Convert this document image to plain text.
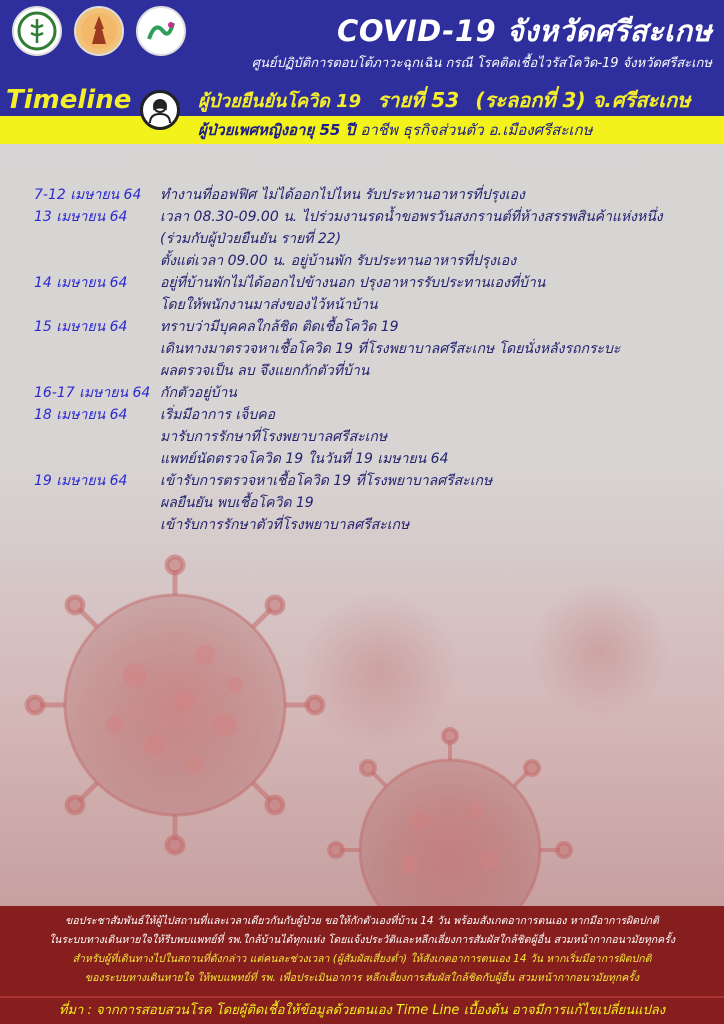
COVID-19 จังหวัดศรีสะเกษ
ศูนย์ปฏิบัติการตอบโต้ภาวะฉุกเฉิน กรณี โรคติดเชื้อไวรัสโควิด-19 จังหวัดศรีสะเกษ
Timeline	ผู้ป่วยยืนยันโควิด 19 รายที่ 53 (ระลอกที่ 3) จ.ศรีสะเกษ
ผู้ป่วยเพศหญิงอายุ 55 ปี อาชีพ ธุรกิจส่วนตัว อ.เมืองศรีสะเกษ
7-12 เมษายน 64 ทำงานที่ออฟฟิศ ไม่ได้ออกไปไหน รับประทานอาหารที่ปรุงเอง
13 เมษายน 64 เวลา 08.30-09.00 น. ไปร่วมงานรดน้ำขอพรวันสงกรานต์ที่ห้างสรรพสินค้าแห่งหนึ่ง
(ร่วมกับผู้ป่วยยืนยัน รายที่ 22)
ตั้งแต่เวลา 09.00 น. อยู่บ้านพัก รับประทานอาหารที่ปรุงเอง
14 เมษายน 64 อยู่ที่บ้านพักไม่ได้ออกไปข้างนอก ปรุงอาหารรับประทานเองที่บ้าน
โดยให้พนักงานมาส่งของไว้หน้าบ้าน
15 เมษายน 64 ทราบว่ามีบุคคลใกล้ชิด ติดเชื้อโควิด 19
เดินทางมาตรวจหาเชื้อโควิด 19 ที่โรงพยาบาลศรีสะเกษ โดยนั่งหลังรถกระบะ
ผลตรวจเป็น ลบ จึงแยกกักตัวที่บ้าน
16-17 เมษายน 64 กักตัวอยู่บ้าน
18 เมษายน 64 เริ่มมีอาการ เจ็บคอ
มารับการรักษาที่โรงพยาบาลศรีสะเกษ
แพทย์นัดตรวจโควิด 19 ในวันที่ 19 เมษายน 64
19 เมษายน 64 เข้ารับการตรวจหาเชื้อโควิด 19 ที่โรงพยาบาลศรีสะเกษ
ผลยืนยัน พบเชื้อโควิด 19
เข้ารับการรักษาตัวที่โรงพยาบาลศรีสะเกษ
ขอประชาสัมพันธ์ให้ผู้ไปสถานที่และเวลาเดียวกันกับผู้ป่วย ขอให้กักตัวเองที่บ้าน 14 วัน พร้อมสังเกตอาการตนเอง หากมีอาการผิดปกติ
ในระบบทางเดินหายใจให้รีบพบแพทย์ที่ รพ.ใกล้บ้านได้ทุกแห่ง โดยแจ้งประวัติและหลีกเลี่ยงการสัมผัสใกล้ชิดผู้อื่น สวมหน้ากากอนามัยทุกครั้ง
สำหรับผู้ที่เดินทางไปในสถานที่ดังกล่าว แต่คนละช่วงเวลา (ผู้สัมผัสเสี่ยงต่ำ) ให้สังเกตอาการตนเอง 14 วัน หากเริ่มมีอาการผิดปกติ
ของระบบทางเดินหายใจ ให้พบแพทย์ที่ รพ. เพื่อประเมินอาการ หลีกเลี่ยงการสัมผัสใกล้ชิดกับผู้อื่น สวมหน้ากากอนามัยทุกครั้ง
ที่มา : จากการสอบสวนโรค โดยผู้ติดเชื้อให้ข้อมูลด้วยตนเอง Time Line เบื้องต้น อาจมีการแก้ไขเปลี่ยนแปลง
